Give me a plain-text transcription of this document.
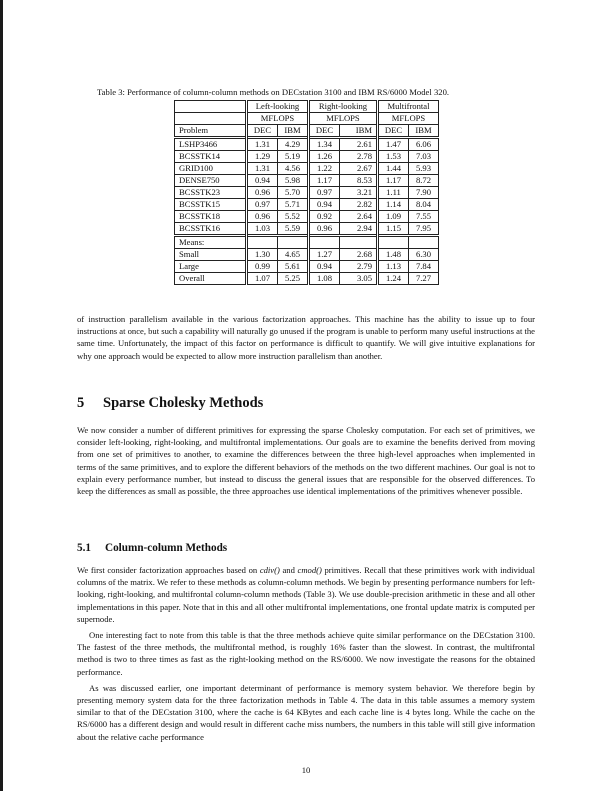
Table 3: Performance of column-column methods on DECstation 3100 and IBM RS/6000 Model 320.
	Left-looking		Right-looking		Multifrontal	
	MFLOPS		MFLOPS		MFLOPS	
Problem	DEC	IBM	DEC	IBM	DEC	IBM
LSHP3466	1.31	4.29	1.34	2.61	1.47	6.06
BCSSTK14	1.29	5.19	1.26	2.78	1.53	7.03
GRID100	1.31	4.56	1.22	2.67	1.44	5.93
DENSE750	0.94	5.98	1.17	8.53	1.17	8.72
BCSSTK23	0.96	5.70	0.97	3.21	1.11	7.90
BCSSTK15	0.97	5.71	0.94	2.82	1.14	8.04
BCSSTK18	0.96	5.52	0.92	2.64	1.09	7.55
BCSSTK16	1.03	5.59	0.96	2.94	1.15	7.95
Means:						
Small	1.30	4.65	1.27	2.68	1.48	6.30
Large	0.99	5.61	0.94	2.79	1.13	7.84
Overall	1.07	5.25	1.08	3.05	1.24	7.27

of instruction parallelism available in the various factorization approaches. This machine has the ability to issue up to four instructions at once, but such a capability will naturally go unused if the program is unable to perform many useful instructions at the same time. Unfortunately, the impact of this factor on performance is difficult to quantify. We will give intuitive explanations for why one approach would be expected to allow more instruction parallelism than another.

5 Sparse Cholesky Methods

We now consider a number of different primitives for expressing the sparse Cholesky computation. For each set of primitives, we consider left-looking, right-looking, and multifrontal implementations. Our goals are to examine the benefits derived from moving from one set of primitives to another, to examine the differences between the three high-level approaches when implemented in terms of the same primitives, and to explore the different behaviors of the methods on the two different machines. Our goal is not to explain every performance number, but instead to discuss the general issues that are responsible for the observed differences. To keep the differences as small as possible, the three approaches use identical implementations of the primitives whenever possible.

5.1 Column-column Methods

We first consider factorization approaches based on cdiv() and cmod() primitives. Recall that these primitives work with individual columns of the matrix. We refer to these methods as column-column methods. We begin by presenting performance numbers for left-looking, right-looking, and multifrontal column-column methods (Table 3). We use double-precision arithmetic in these and all other implementations in this paper. Note that in this and all other multifrontal implementations, one frontal update matrix is computed per supernode.

One interesting fact to note from this table is that the three methods achieve quite similar performance on the DECstation 3100. The fastest of the three methods, the multifrontal method, is roughly 16% faster than the slowest. In contrast, the multifrontal method is two to three times as fast as the right-looking method on the RS/6000. We now investigate the reasons for the obtained performance.

As was discussed earlier, one important determinant of performance is memory system behavior. We therefore begin by presenting memory system data for the three factorization methods in Table 4. The data in this table assumes a memory system similar to that of the DECstation 3100, where the cache is 64 KBytes and each cache line is 4 bytes long. While the cache on the RS/6000 has a different design and would result in different cache miss numbers, the numbers in this table will still give information about the relative cache performance

10
